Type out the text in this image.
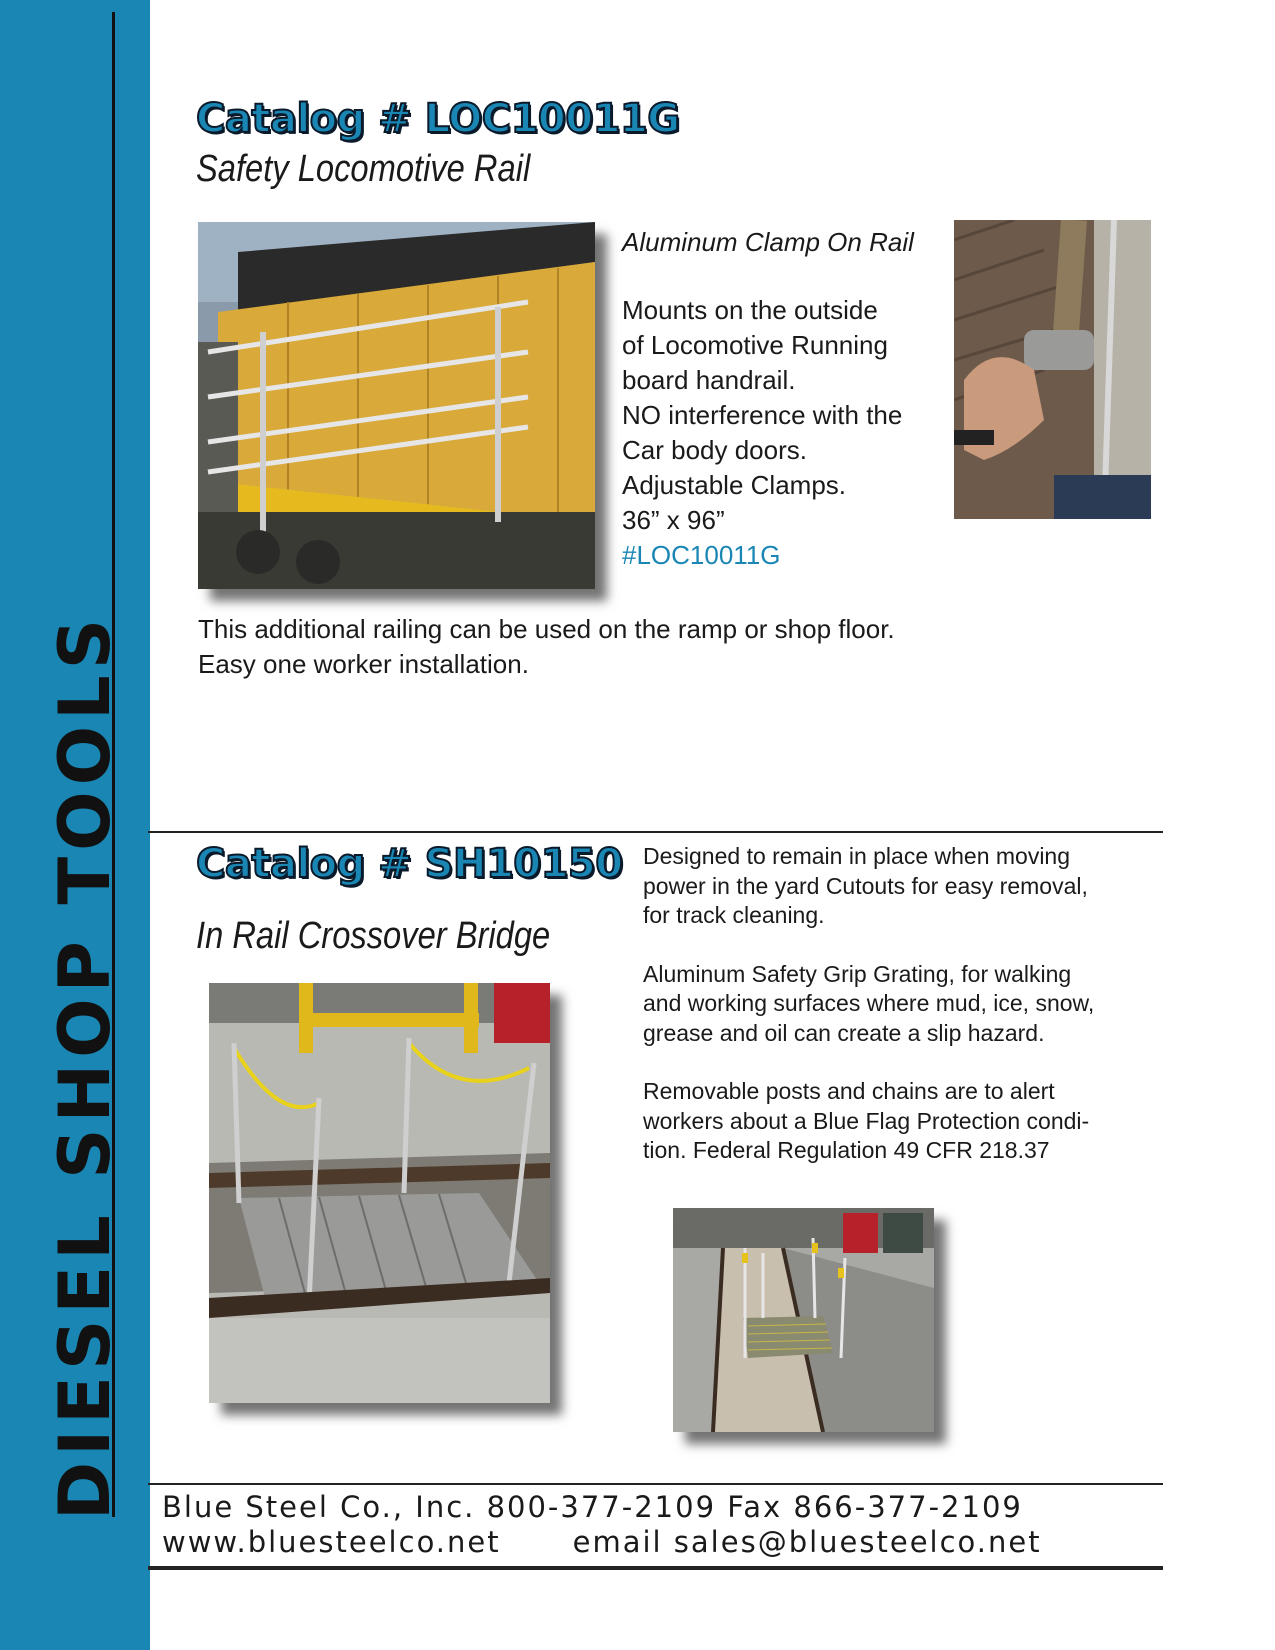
DIESEL SHOP TOOLS
Catalog # LOC10011G
Safety Locomotive Rail
Aluminum Clamp On Rail
Mounts on the outside
of Locomotive Running
board handrail.
NO interference with the
Car body doors.
Adjustable Clamps.
36” x 96”
#LOC10011G
This additional railing can be used on the ramp or shop floor.
Easy one worker installation.
Catalog # SH10150
In Rail Crossover Bridge
Designed to remain in place when moving
power in the yard Cutouts for easy removal,
for track cleaning.
Aluminum Safety Grip Grating, for walking
and working surfaces where mud, ice, snow,
grease and oil can create a slip hazard.
Removable posts and chains are to alert
workers about a Blue Flag Protection condi-
tion. Federal Regulation 49 CFR 218.37
Blue Steel Co., Inc. 800-377-2109 Fax 866-377-2109
www.bluesteelco.net email sales@bluesteelco.net
